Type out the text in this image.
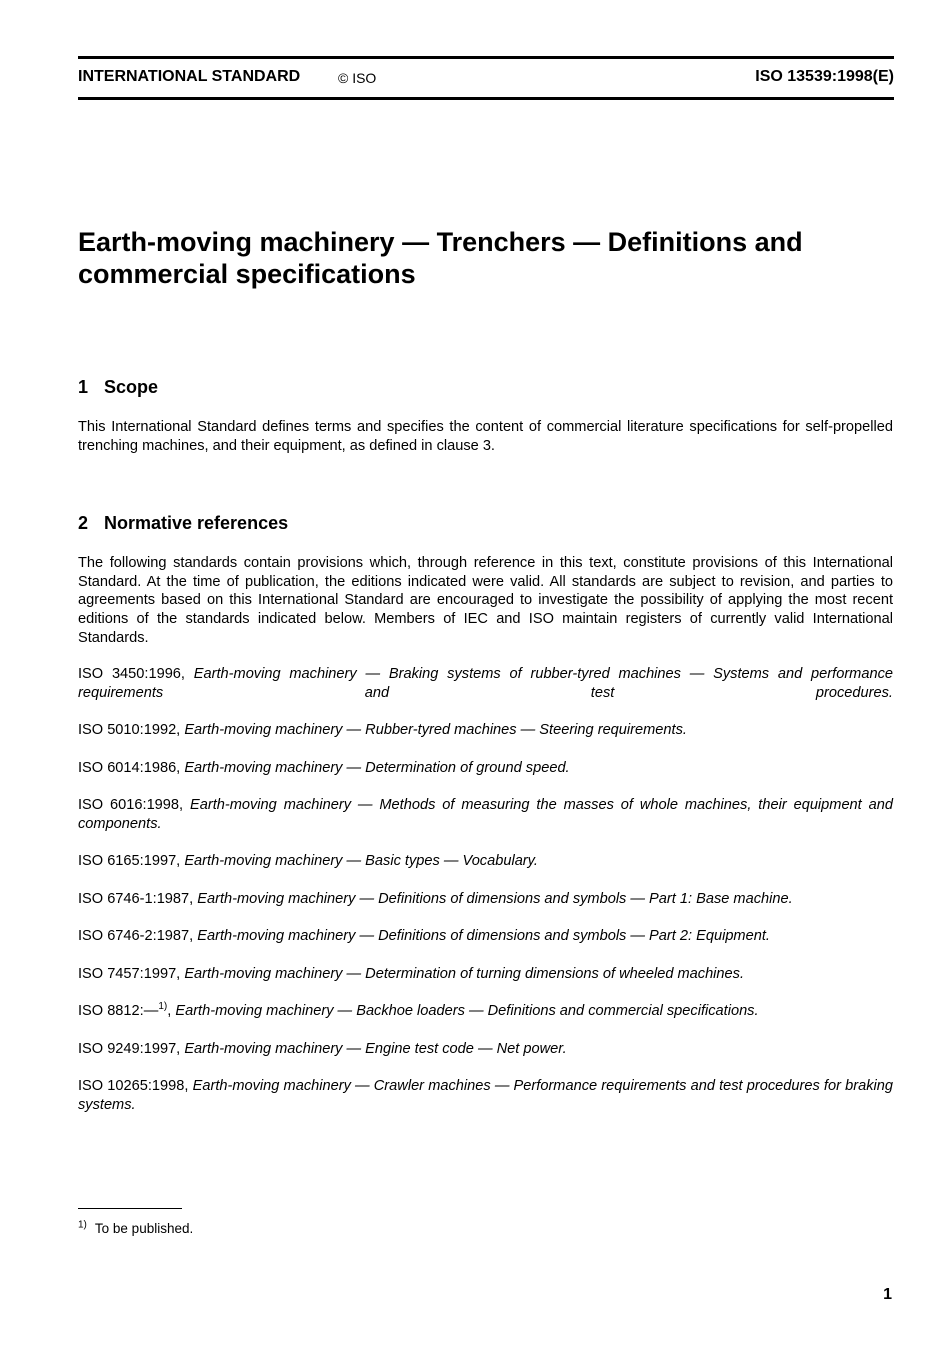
INTERNATIONAL STANDARD	© ISO	ISO 13539:1998(E)
Earth-moving machinery — Trenchers — Definitions and
commercial specifications
1 Scope

This International Standard defines terms and specifies the content of commercial literature specifications for self-propelled trenching machines, and their equipment, as defined in clause 3.

2 Normative references

The following standards contain provisions which, through reference in this text, constitute provisions of this International Standard. At the time of publication, the editions indicated were valid. All standards are subject to revision, and parties to agreements based on this International Standard are encouraged to investigate the possibility of applying the most recent editions of the standards indicated below. Members of IEC and ISO maintain registers of currently valid International Standards.

ISO 3450:1996, Earth-moving machinery — Braking systems of rubber-tyred machines — Systems and performance requirements and test procedures.

ISO 5010:1992, Earth-moving machinery — Rubber-tyred machines — Steering requirements.

ISO 6014:1986, Earth-moving machinery — Determination of ground speed.

ISO 6016:1998, Earth-moving machinery — Methods of measuring the masses of whole machines, their equipment and components.

ISO 6165:1997, Earth-moving machinery — Basic types — Vocabulary.

ISO 6746-1:1987, Earth-moving machinery — Definitions of dimensions and symbols — Part 1: Base machine.

ISO 6746-2:1987, Earth-moving machinery — Definitions of dimensions and symbols — Part 2: Equipment.

ISO 7457:1997, Earth-moving machinery — Determination of turning dimensions of wheeled machines.

ISO 8812:—$^{1)}$, Earth-moving machinery — Backhoe loaders — Definitions and commercial specifications.

ISO 9249:1997, Earth-moving machinery — Engine test code — Net power.

ISO 10265:1998, Earth-moving machinery — Crawler machines — Performance requirements and test procedures for braking systems.

$^{1)}$ To be published.

1
